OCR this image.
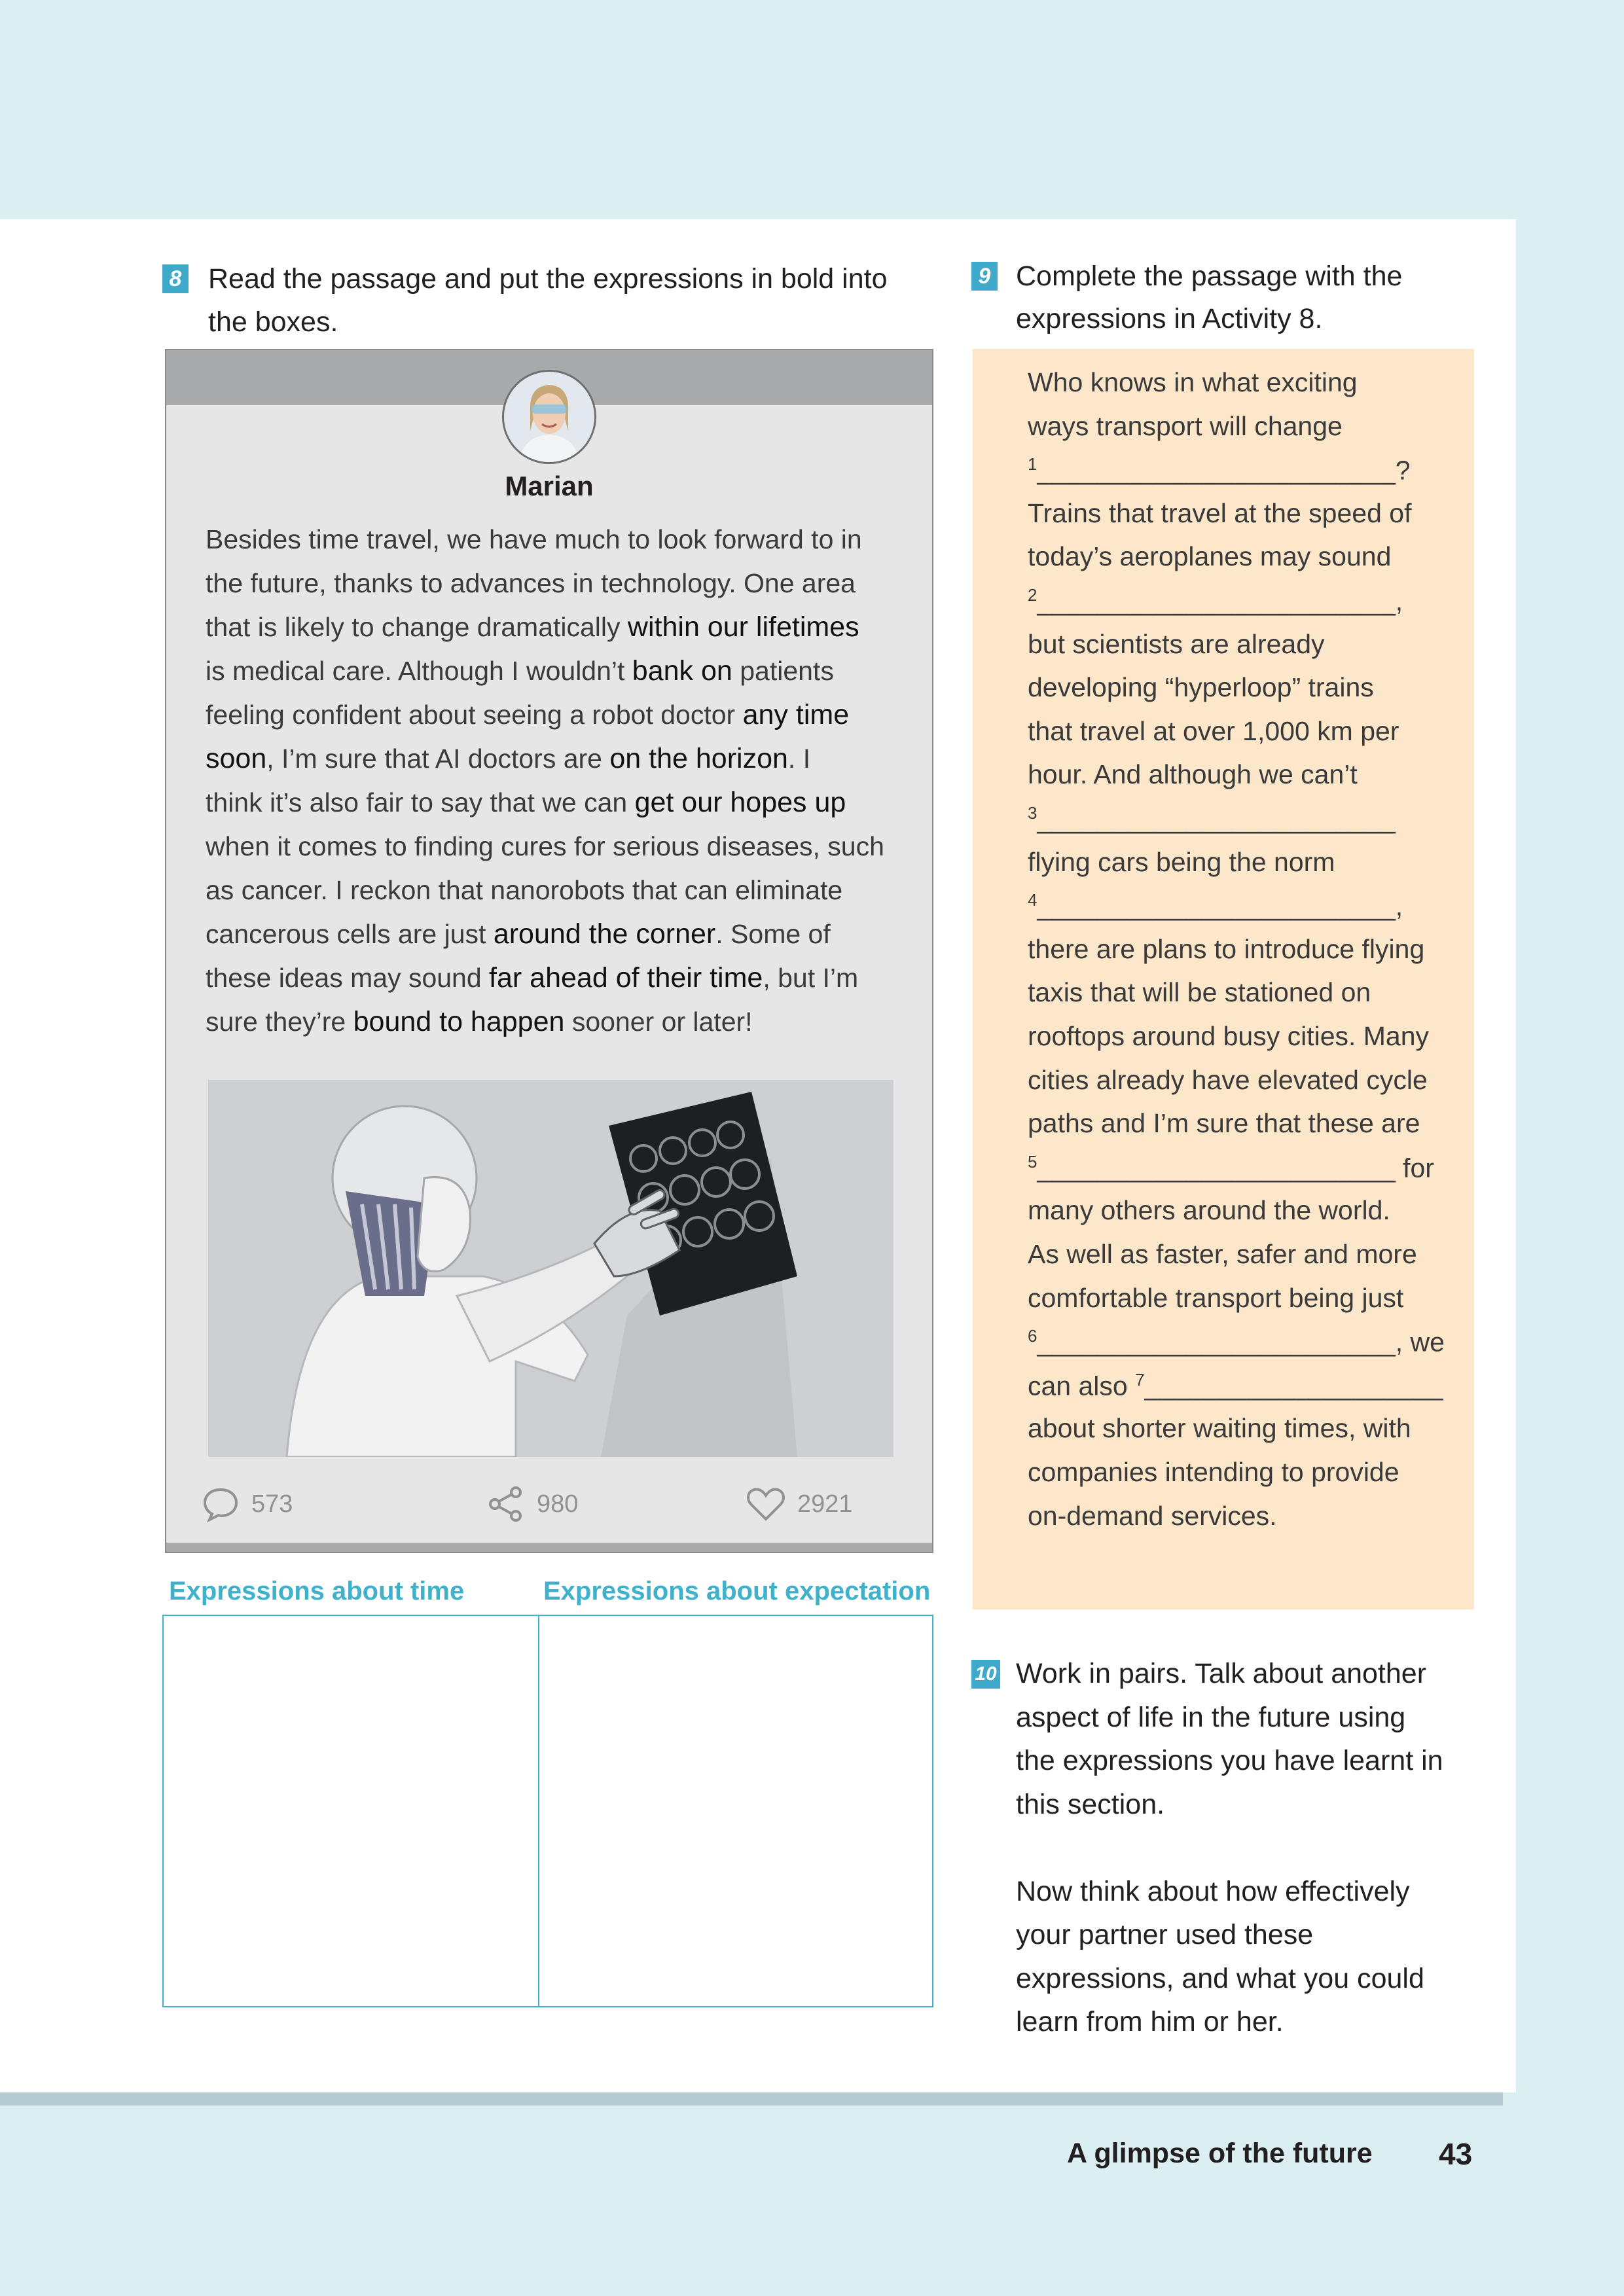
8 Read the passage and put the expressions in bold into
the boxes.
Marian
Besides time travel, we have much to look forward to in
the future, thanks to advances in technology. One area
that is likely to change dramatically within our lifetimes
is medical care. Although I wouldn’t bank on patients
feeling confident about seeing a robot doctor any time
soon, I’m sure that AI doctors are on the horizon. I
think it’s also fair to say that we can get our hopes up
when it comes to finding cures for serious diseases, such
as cancer. I reckon that nanorobots that can eliminate
cancerous cells are just around the corner. Some of
these ideas may sound far ahead of their time, but I’m
sure they’re bound to happen sooner or later!
573	980	2921
Expressions about time	Expressions about expectation
9 Complete the passage with the
expressions in Activity 8.
Who knows in what exciting
ways transport will change
$^1$________________________?
Trains that travel at the speed of
today’s aeroplanes may sound
$^2$________________________,
but scientists are already
developing “hyperloop” trains
that travel at over 1,000 km per
hour. And although we can’t
$^3$________________________
flying cars being the norm
$^4$________________________,
there are plans to introduce flying
taxis that will be stationed on
rooftops around busy cities. Many
cities already have elevated cycle
paths and I’m sure that these are
$^5$________________________ for
many others around the world.
As well as faster, safer and more
comfortable transport being just
$^6$________________________, we
can also $^7$____________________
about shorter waiting times, with
companies intending to provide
on-demand services.
10 Work in pairs. Talk about another
aspect of life in the future using
the expressions you have learnt in
this section.
Now think about how effectively
your partner used these
expressions, and what you could
learn from him or her.
A glimpse of the future 43
